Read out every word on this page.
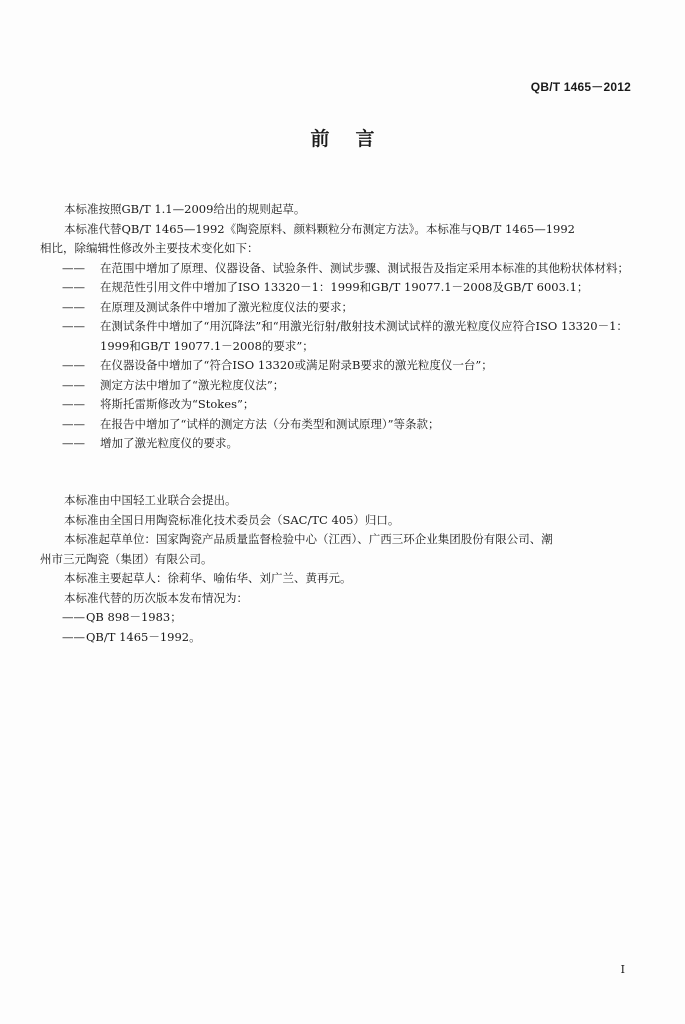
QB/T 1465－2012
前言

本标准按照GB/T 1.1—2009给出的规则起草。

本标准代替QB/T 1465—1992《陶瓷原料、颜料颗粒分布测定方法》。本标准与QB/T 1465—1992

相比，除编辑性修改外主要技术变化如下：

—— 在范围中增加了原理、仪器设备、试验条件、测试步骤、测试报告及指定采用本标准的其他粉状体材料；

—— 在规范性引用文件中增加了ISO 13320－1：1999和GB/T 19077.1－2008及GB/T 6003.1；

—— 在原理及测试条件中增加了激光粒度仪法的要求；

—— 在测试条件中增加了“用沉降法”和“用激光衍射/散射技术测试试样的激光粒度仪应符合ISO 13320－1：1999和GB/T 19077.1－2008的要求”；

—— 在仪器设备中增加了“符合ISO 13320或满足附录B要求的激光粒度仪一台”；

—— 测定方法中增加了“激光粒度仪法”；

—— 将斯托雷斯修改为“Stokes”；

—— 在报告中增加了“试样的测定方法（分布类型和测试原理）”等条款；

—— 增加了激光粒度仪的要求。

本标准由中国轻工业联合会提出。

本标准由全国日用陶瓷标准化技术委员会（SAC/TC 405）归口。

本标准起草单位：国家陶瓷产品质量监督检验中心（江西）、广西三环企业集团股份有限公司、潮

州市三元陶瓷（集团）有限公司。

本标准主要起草人：徐莉华、喻佑华、刘广兰、黄再元。

本标准代替的历次版本发布情况为：

—— QB 898－1983；

—— QB/T 1465－1992。

I
